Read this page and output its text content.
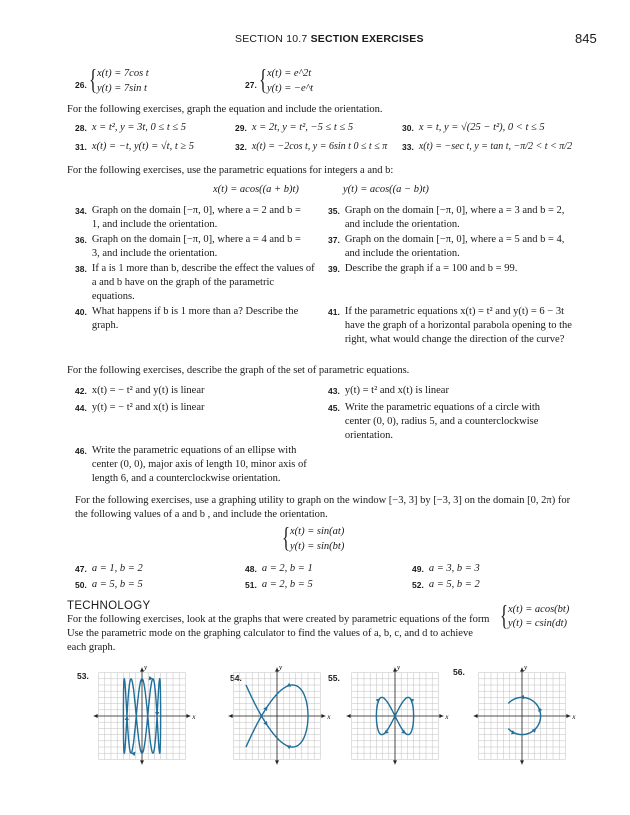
SECTION 10.7 SECTION EXERCISES	845
26. { x(t) = 7cos t
y(t) = 7sin t	27. { x(t) = e^2t
y(t) = −e^t
For the following exercises, graph the equation and include the orientation.
28. x = t², y = 3t, 0 ≤ t ≤ 5	29. x = 2t, y = t², −5 ≤ t ≤ 5	30. x = t, y = √(25 − t²), 0 < t ≤ 5
31. x(t) = −t, y(t) = √t, t ≥ 5	32. x(t) = −2cos t, y = 6sin t 0 ≤ t ≤ π	33. x(t) = −sec t, y = tan t, −π/2 < t < π/2
For the following exercises, use the parametric equations for integers a and b:
x(t) = acos((a + b)t)	y(t) = acos((a − b)t)
34. Graph on the domain [−π, 0], where a = 2 and b = 1, and include the orientation.
35. Graph on the domain [−π, 0], where a = 3 and b = 2, and include the orientation.
36. Graph on the domain [−π, 0], where a = 4 and b = 3, and include the orientation.
37. Graph on the domain [−π, 0], where a = 5 and b = 4, and include the orientation.
38. If a is 1 more than b, describe the effect the values of a and b have on the graph of the parametric equations.
39. Describe the graph if a = 100 and b = 99.
40. What happens if b is 1 more than a? Describe the graph.
41. If the parametric equations x(t) = t² and y(t) = 6 − 3t have the graph of a horizontal parabola opening to the right, what would change the direction of the curve?
For the following exercises, describe the graph of the set of parametric equations.
42. x(t) = − t² and y(t) is linear	43. y(t) = t² and x(t) is linear
44. y(t) = − t² and x(t) is linear	45. Write the parametric equations of a circle with center (0, 0), radius 5, and a counterclockwise orientation.
46. Write the parametric equations of an ellipse with center (0, 0), major axis of length 10, minor axis of length 6, and a counterclockwise orientation.
For the following exercises, use a graphing utility to graph on the window [−3, 3] by [−3, 3] on the domain [0, 2π) for the following values of a and b , and include the orientation.
{ x(t) = sin(at)
y(t) = sin(bt)
47. a = 1, b = 2	48. a = 2, b = 1	49. a = 3, b = 3
50. a = 5, b = 5	51. a = 2, b = 5	52. a = 5, b = 2
TECHNOLOGY
For the following exercises, look at the graphs that were created by parametric equations of the form
Use the parametric mode on the graphing calculator to find the values of a, b, c, and d to achieve
each graph.
{ x(t) = acos(bt)
y(t) = csin(dt)
53.	54.	55.
56.
x
y
x
y
x
y
x
y
